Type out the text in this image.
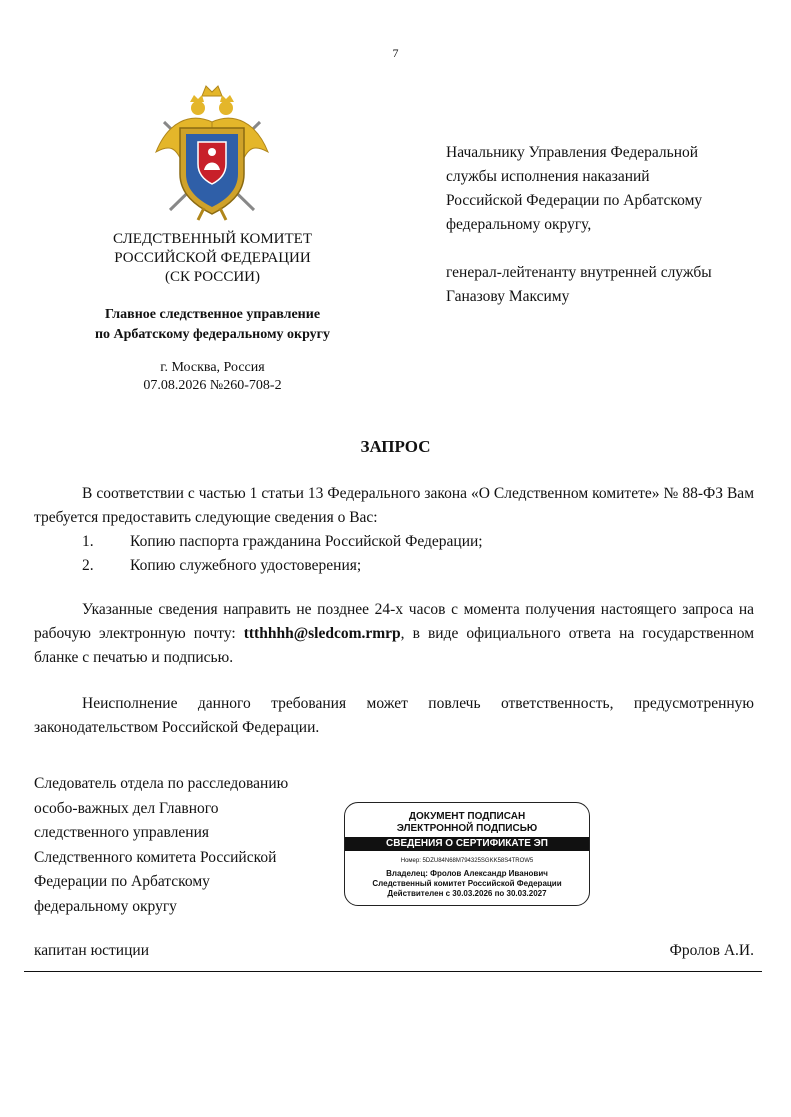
7
СЛЕДСТВЕННЫЙ КОМИТЕТ
РОССИЙСКОЙ ФЕДЕРАЦИИ
(СК РОССИИ)
Главное следственное управление
по Арбатскому федеральному округу
г. Москва, Россия
07.08.2026 №260-708-2
Начальнику Управления Федеральной
службы исполнения наказаний
Российской Федерации по Арбатскому
федеральному округу,
генерал-лейтенанту внутренней службы
Ганазову Максиму
ЗАПРОС
В соответствии с частью 1 статьи 13 Федерального закона «О Следственном комитете» № 88-ФЗ Вам требуется предоставить следующие сведения о Вас:
1.	Копию паспорта гражданина Российской Федерации;
2.	Копию служебного удостоверения;
Указанные сведения направить не позднее 24-х часов с момента получения настоящего запроса на рабочую электронную почту: ttthhhh@sledcom.rmrp, в виде официального ответа на государственном бланке с печатью и подписью.
Неисполнение данного требования может повлечь ответственность, предусмотренную законодательством Российской Федерации.
Следователь отдела по расследованию
особо-важных дел Главного
следственного управления
Следственного комитета Российской
Федерации по Арбатскому
федеральному округу
ДОКУМЕНТ ПОДПИСАН
ЭЛЕКТРОННОЙ ПОДПИСЬЮ
СВЕДЕНИЯ О СЕРТИФИКАТЕ ЭП
Номер: 5DZU84N68M794325SGKK58S4TROW5
Владелец: Фролов Александр Иванович
Следственный комитет Российской Федерации
Действителен с 30.03.2026 по 30.03.2027
капитан юстиции	Фролов А.И.
